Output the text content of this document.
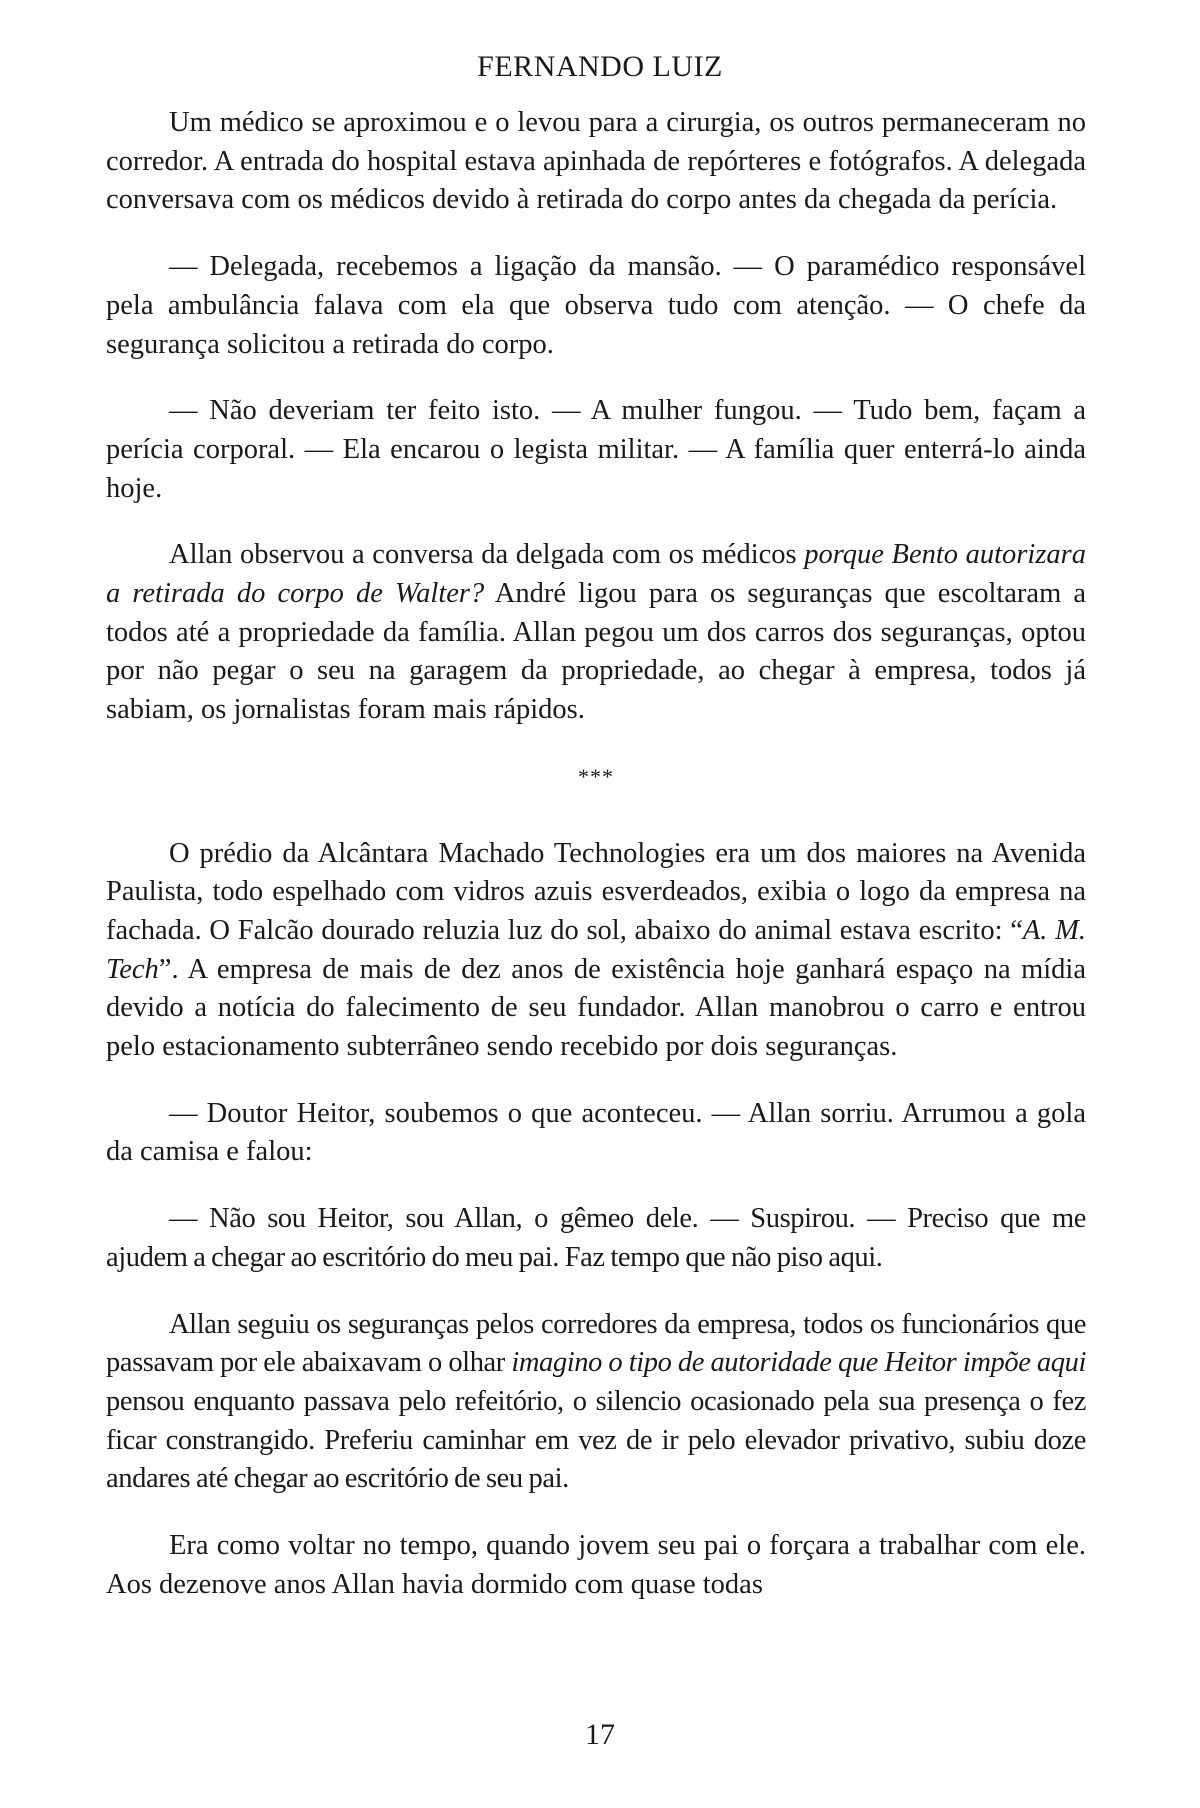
FERNANDO LUIZ

Um médico se aproximou e o levou para a cirurgia, os outros permaneceram no corredor. A entrada do hospital estava apinhada de repórteres e fotógrafos. A delegada conversava com os médicos devido à retirada do corpo antes da chegada da perícia.

— Delegada, recebemos a ligação da mansão. — O paramédico responsável pela ambulância falava com ela que observa tudo com atenção. — O chefe da segurança solicitou a retirada do corpo.

— Não deveriam ter feito isto. — A mulher fungou. — Tudo bem, façam a perícia corporal. — Ela encarou o legista militar. — A família quer enterrá-lo ainda hoje.

Allan observou a conversa da delgada com os médicos porque Bento autorizara a retirada do corpo de Walter? André ligou para os seguranças que escoltaram a todos até a propriedade da família. Allan pegou um dos carros dos seguranças, optou por não pegar o seu na garagem da propriedade, ao chegar à empresa, todos já sabiam, os jornalistas foram mais rápidos.

***

O prédio da Alcântara Machado Technologies era um dos maiores na Avenida Paulista, todo espelhado com vidros azuis esverdeados, exibia o logo da empresa na fachada. O Falcão dourado reluzia luz do sol, abaixo do animal estava escrito: “A. M. Tech”. A empresa de mais de dez anos de existência hoje ganhará espaço na mídia devido a notícia do falecimento de seu fundador. Allan manobrou o carro e entrou pelo estacionamento subterrâneo sendo recebido por dois seguranças.

— Doutor Heitor, soubemos o que aconteceu. — Allan sorriu. Arrumou a gola da camisa e falou:

— Não sou Heitor, sou Allan, o gêmeo dele. — Suspirou. — Preciso que me ajudem a chegar ao escritório do meu pai. Faz tempo que não piso aqui.

Allan seguiu os seguranças pelos corredores da empresa, todos os funcionários que passavam por ele abaixavam o olhar imagino o tipo de autoridade que Heitor impõe aqui pensou enquanto passava pelo refeitório, o silencio ocasionado pela sua presença o fez ficar constrangido. Preferiu caminhar em vez de ir pelo elevador privativo, subiu doze andares até chegar ao escritório de seu pai.

Era como voltar no tempo, quando jovem seu pai o forçara a trabalhar com ele. Aos dezenove anos Allan havia dormido com quase todas

17
